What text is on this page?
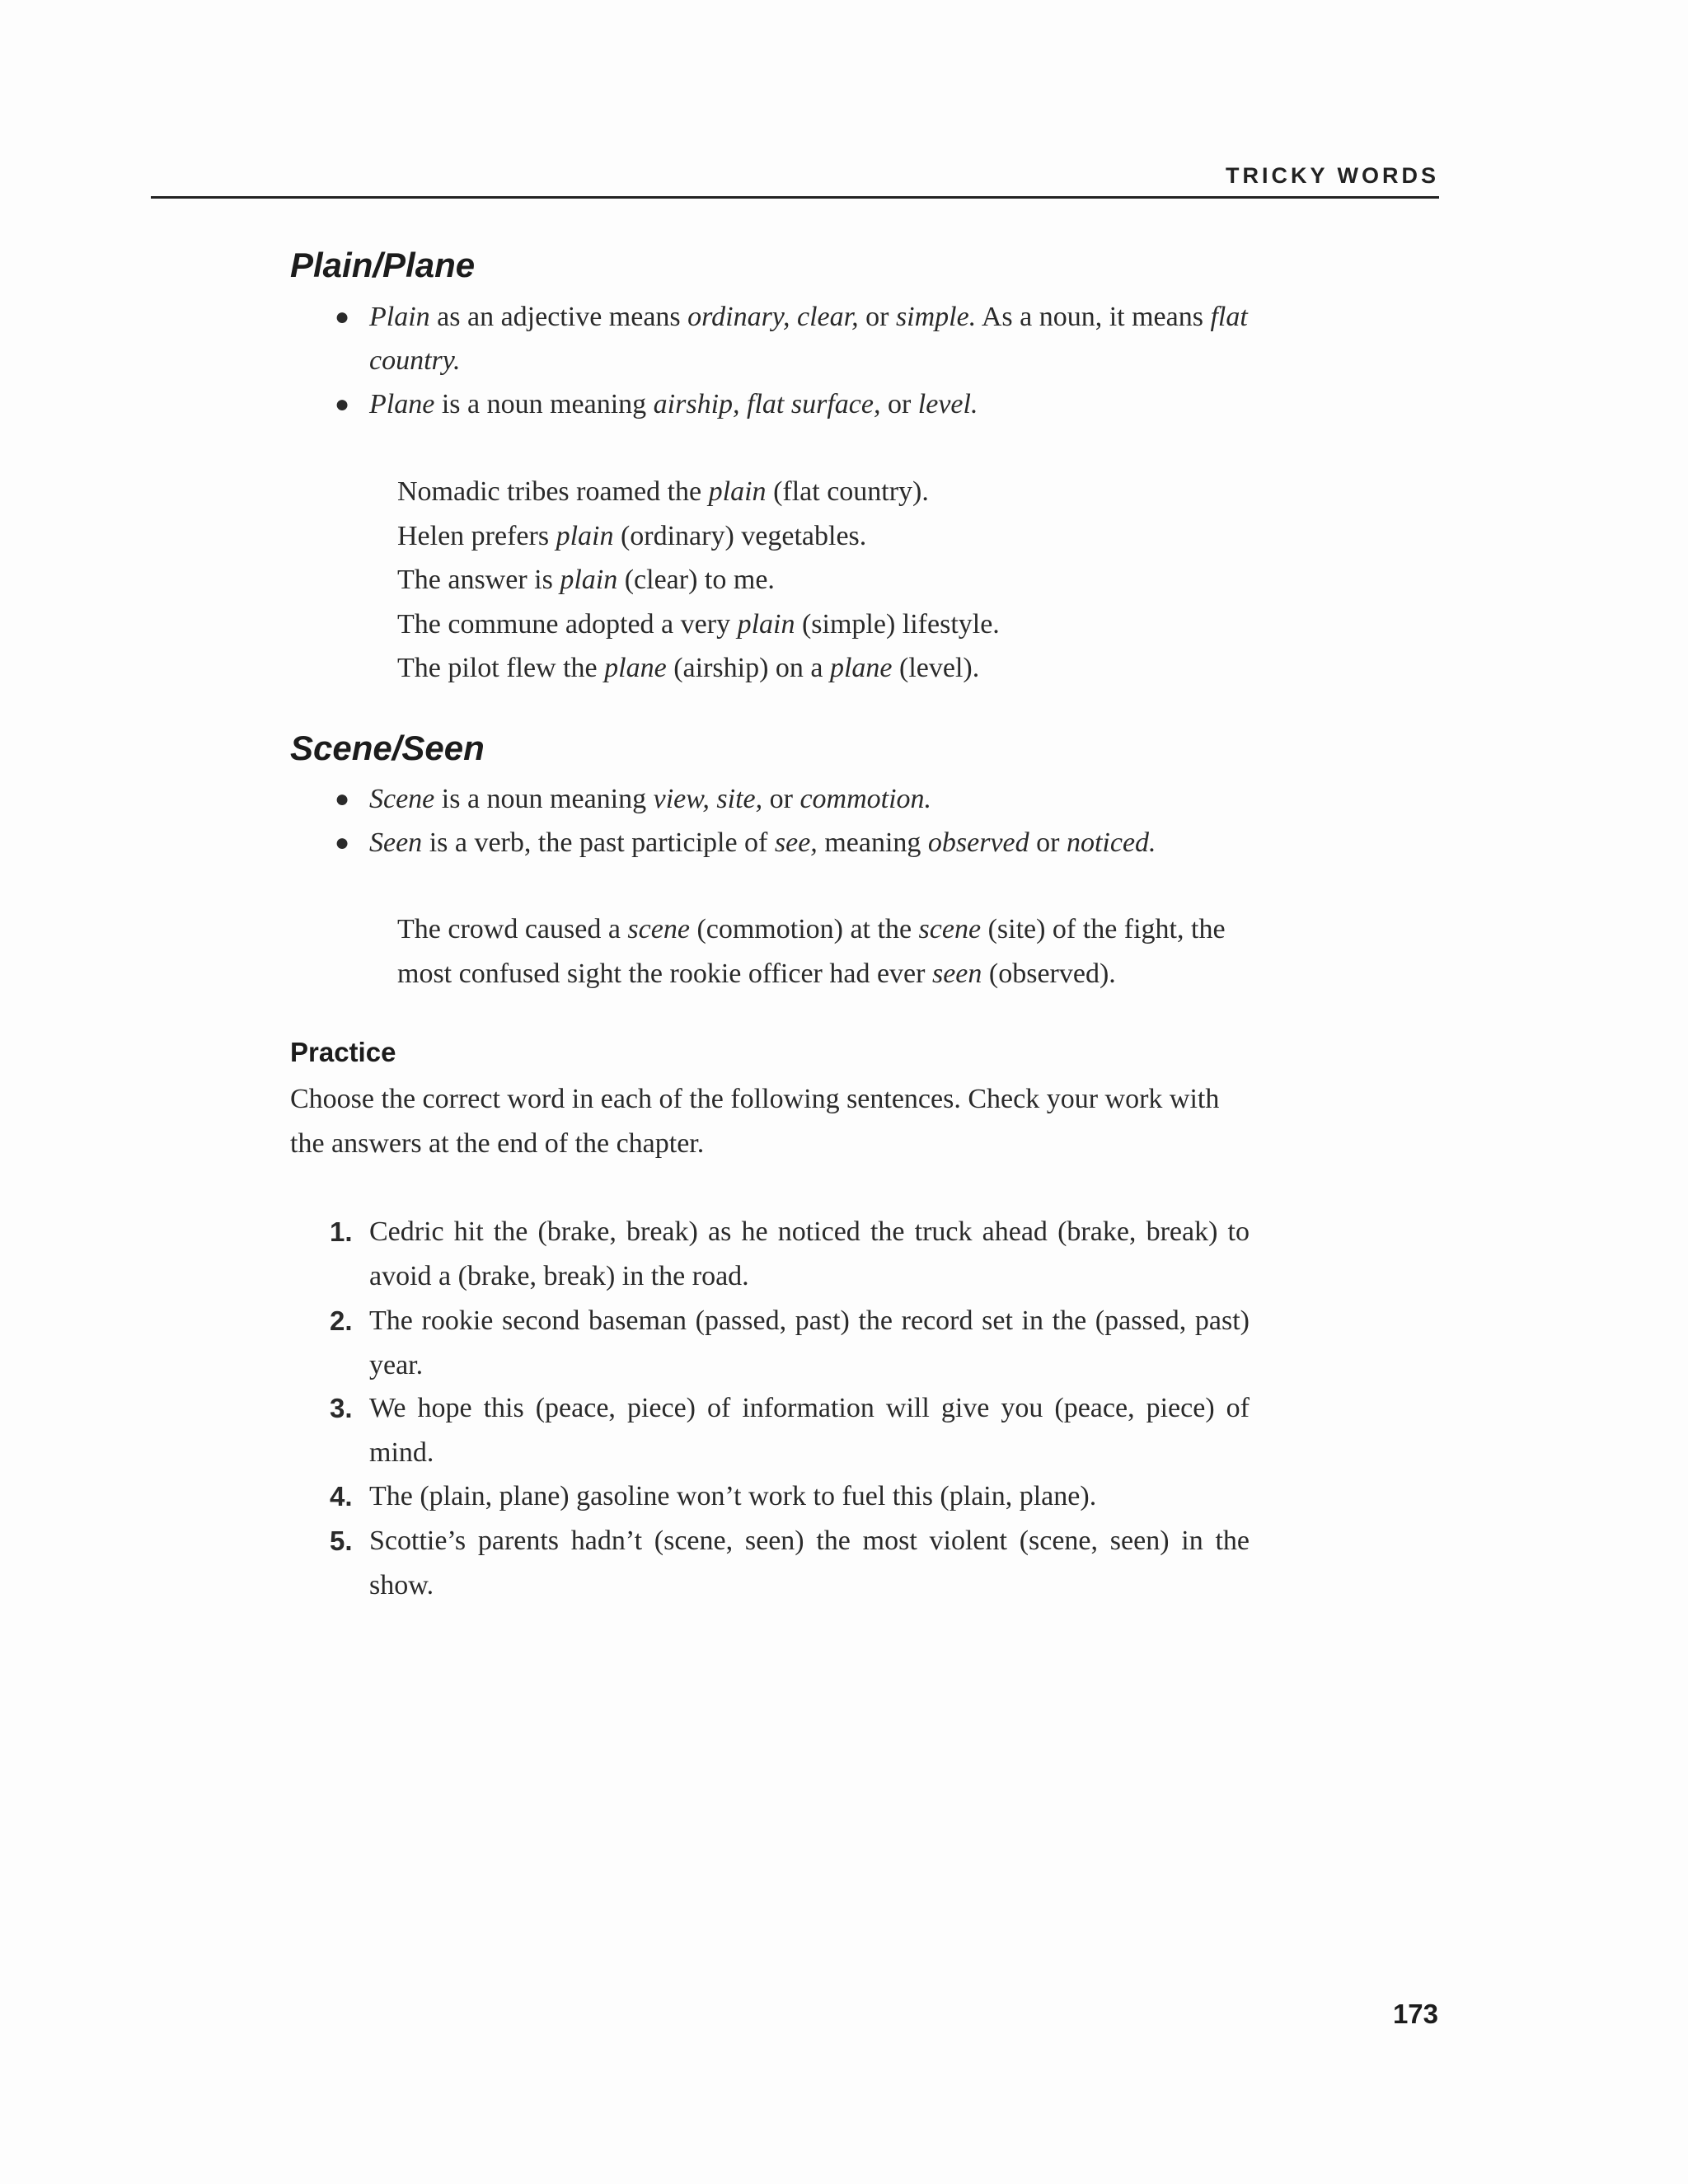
TRICKY WORDS
Plain/Plane
● Plain as an adjective means ordinary, clear, or simple. As a noun, it means flat country.
● Plane is a noun meaning airship, flat surface, or level.

Nomadic tribes roamed the plain (flat country).

Helen prefers plain (ordinary) vegetables.

The answer is plain (clear) to me.

The commune adopted a very plain (simple) lifestyle.

The pilot flew the plane (airship) on a plane (level).

Scene/Seen
● Scene is a noun meaning view, site, or commotion.
● Seen is a verb, the past participle of see, meaning observed or noticed.

The crowd caused a scene (commotion) at the scene (site) of the fight, the most confused sight the rookie officer had ever seen (observed).

Practice

Choose the correct word in each of the following sentences. Check your work with the answers at the end of the chapter.

1. Cedric hit the (brake, break) as he noticed the truck ahead (brake, break) to avoid a (brake, break) in the road.
2. The rookie second baseman (passed, past) the record set in the (passed, past) year.
3. We hope this (peace, piece) of information will give you (peace, piece) of mind.
4. The (plain, plane) gasoline won’t work to fuel this (plain, plane).
5. Scottie’s parents hadn’t (scene, seen) the most violent (scene, seen) in the show.
173
